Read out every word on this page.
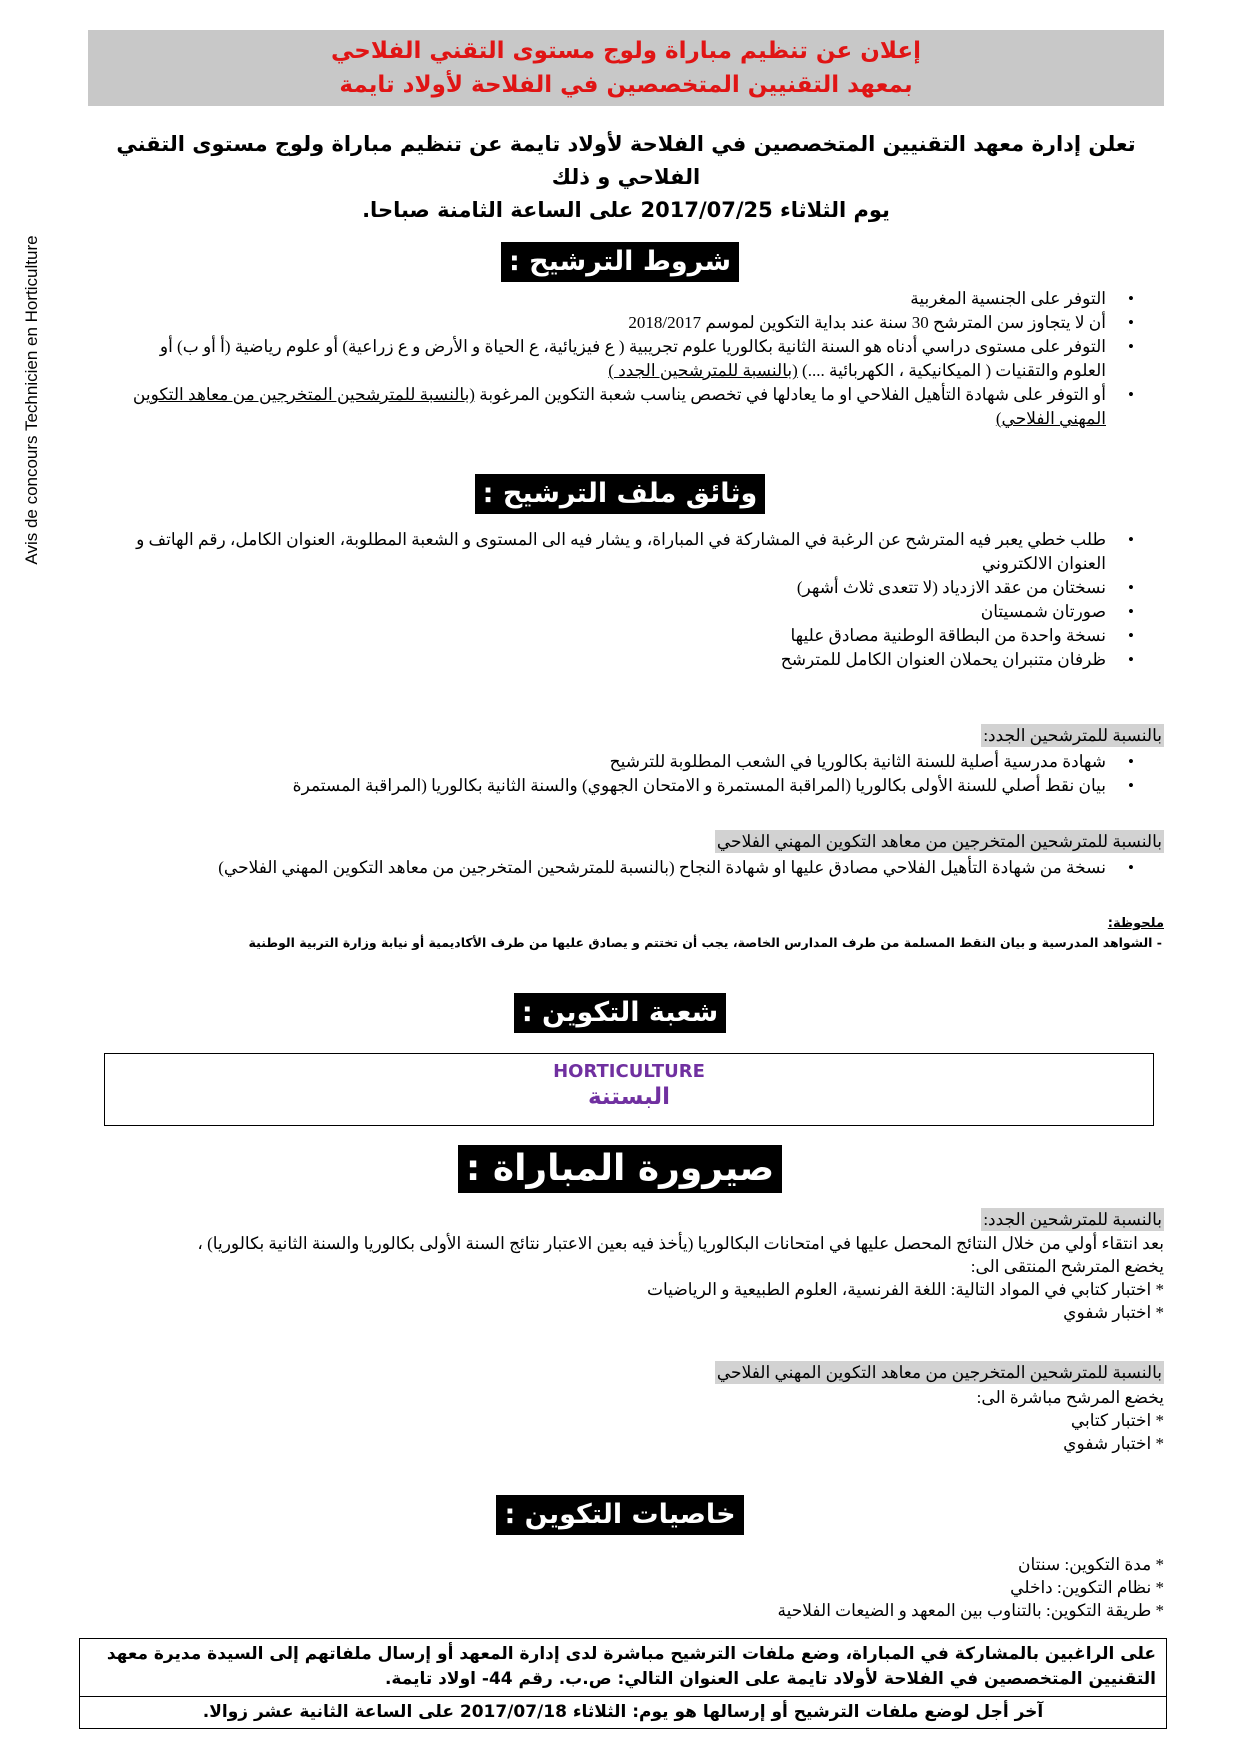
Avis de concours Technicien en Horticulture
إعلان عن تنظيم مباراة ولوج مستوى التقني الفلاحي
بمعهد التقنيين المتخصصين في الفلاحة لأولاد تايمة
تعلن إدارة معهد التقنيين المتخصصين في الفلاحة لأولاد تايمة عن تنظيم مباراة ولوج مستوى التقني الفلاحي و ذلك
يوم الثلاثاء 2017/07/25 على الساعة الثامنة صباحا.
شروط الترشيح :
• التوفر على الجنسية المغربية
• أن لا يتجاوز سن المترشح 30 سنة عند بداية التكوين لموسم 2018/2017
• التوفر على مستوى دراسي أدناه هو السنة الثانية بكالوريا علوم تجريبية ( ع فيزيائية، ع الحياة و الأرض و ع زراعية) أو علوم رياضية (أ أو ب) أو العلوم والتقنيات ( الميكانيكية ، الكهربائية ....) (بالنسبة للمترشحين الجدد )
• أو التوفر على شهادة التأهيل الفلاحي او ما يعادلها في تخصص يناسب شعبة التكوين المرغوبة (بالنسبة للمترشحين المتخرجين من معاهد التكوين المهني الفلاحي)
وثائق ملف الترشيح :
• طلب خطي يعبر فيه المترشح عن الرغبة في المشاركة في المباراة، و يشار فيه الى المستوى و الشعبة المطلوبة، العنوان الكامل، رقم الهاتف و العنوان الالكتروني
• نسختان من عقد الازدياد (لا تتعدى ثلاث أشهر)
• صورتان شمسيتان
• نسخة واحدة من البطاقة الوطنية مصادق عليها
• ظرفان متنبران يحملان العنوان الكامل للمترشح
بالنسبة للمترشحين الجدد:
• شهادة مدرسية أصلية للسنة الثانية بكالوريا في الشعب المطلوبة للترشيح
• بيان نقط أصلي للسنة الأولى بكالوريا (المراقبة المستمرة و الامتحان الجهوي) والسنة الثانية بكالوريا (المراقبة المستمرة
بالنسبة للمترشحين المتخرجين من معاهد التكوين المهني الفلاحي
• نسخة من شهادة التأهيل الفلاحي مصادق عليها او شهادة النجاح (بالنسبة للمترشحين المتخرجين من معاهد التكوين المهني الفلاحي)
ملحوظة:
- الشواهد المدرسية و بيان النقط المسلمة من طرف المدارس الخاصة، يجب أن تختتم و يصادق عليها من طرف الأكاديمية أو نيابة وزارة التربية الوطنية
شعبة التكوين :
HORTICULTURE
البستنة
صيرورة المباراة :
بالنسبة للمترشحين الجدد:
بعد انتقاء أولي من خلال النتائج المحصل عليها في امتحانات البكالوريا (يأخذ فيه بعين الاعتبار نتائج السنة الأولى بكالوريا والسنة الثانية بكالوريا) ،
يخضع المترشح المنتقى الى:
* اختبار كتابي في المواد التالية: اللغة الفرنسية، العلوم الطبيعية و الرياضيات
* اختبار شفوي
بالنسبة للمترشحين المتخرجين من معاهد التكوين المهني الفلاحي
يخضع المرشح مباشرة الى:
* اختبار كتابي
* اختبار شفوي
خاصيات التكوين :
* مدة التكوين: سنتان
* نظام التكوين: داخلي
* طريقة التكوين: بالتناوب بين المعهد و الضيعات الفلاحية
على الراغبين بالمشاركة في المباراة، وضع ملفات الترشيح مباشرة لدى إدارة المعهد أو إرسال ملفاتهم إلى السيدة مديرة معهد التقنيين المتخصصين في الفلاحة لأولاد تايمة على العنوان التالي: ص.ب. رقم 44- اولاد تايمة.
آخر أجل لوضع ملفات الترشيح أو إرسالها هو يوم: الثلاثاء 2017/07/18 على الساعة الثانية عشر زوالا.
